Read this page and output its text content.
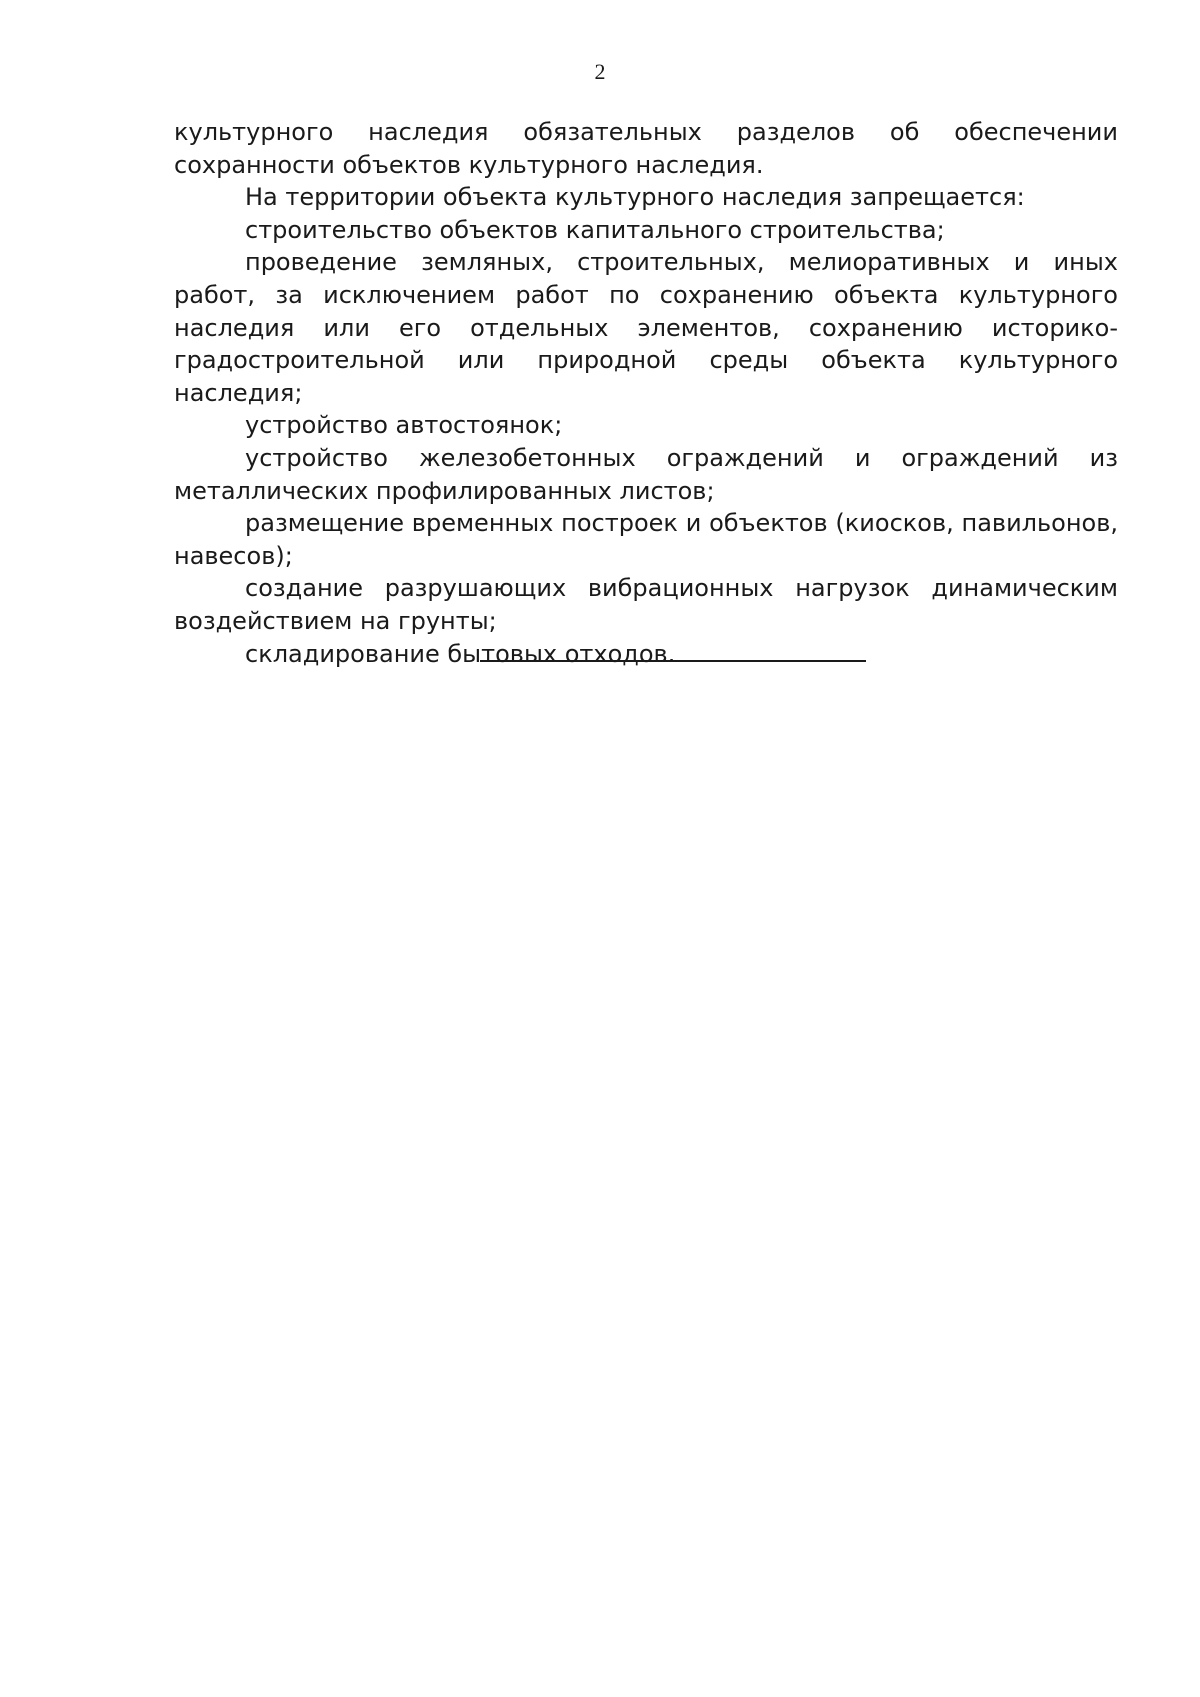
2

культурного наследия обязательных разделов об обеспечении сохранности объектов культурного наследия.

На территории объекта культурного наследия запрещается:

строительство объектов капитального строительства;

проведение земляных, строительных, мелиоративных и иных работ, за исключением работ по сохранению объекта культурного наследия или его отдельных элементов, сохранению историко-градостроительной или природной среды объекта культурного наследия;

устройство автостоянок;

устройство железобетонных ограждений и ограждений из металлических профилированных листов;

размещение временных построек и объектов (киосков, павильонов, навесов);

создание разрушающих вибрационных нагрузок динамическим воздействием на грунты;

складирование бытовых отходов.
